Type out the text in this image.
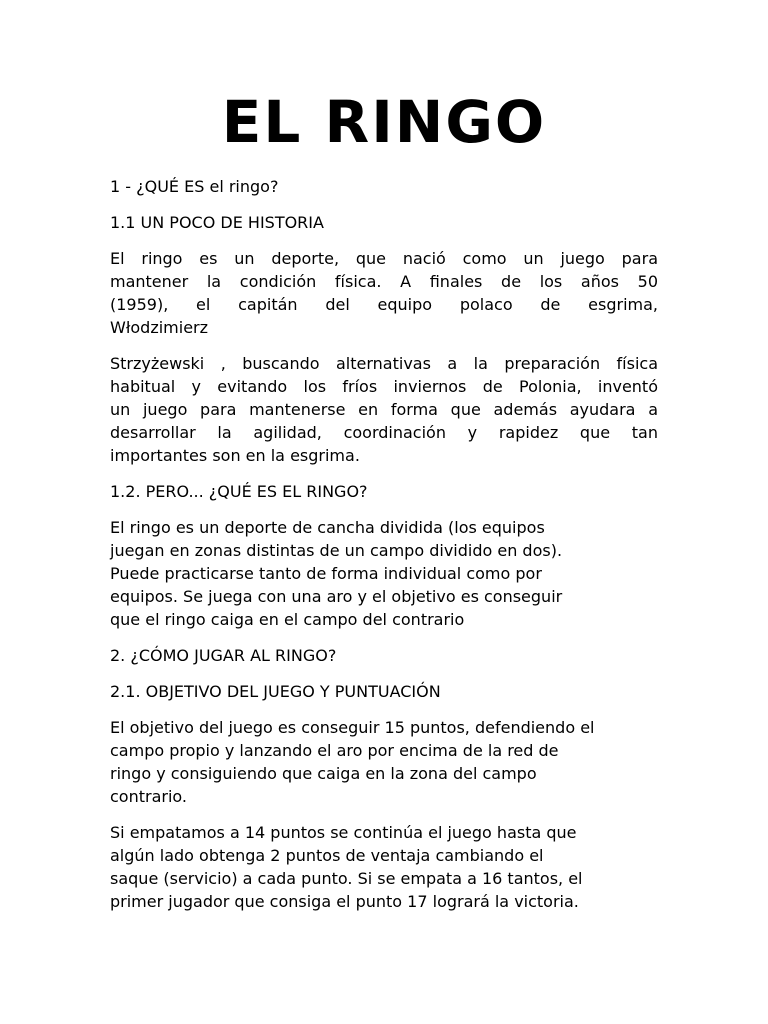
EL RINGO

1 - ¿QUÉ ES el ringo?

1.1 UN POCO DE HISTORIA

El ringo es un deporte, que nació como un juego para
mantener la condición física. A finales de los años 50
(1959), el capitán del equipo polaco de esgrima,
Włodzimierz

Strzyżewski , buscando alternativas a la preparación física
habitual y evitando los fríos inviernos de Polonia, inventó
un juego para mantenerse en forma que además ayudara a
desarrollar la agilidad, coordinación y rapidez que tan
importantes son en la esgrima.

1.2. PERO... ¿QUÉ ES EL RINGO?

El ringo es un deporte de cancha dividida (los equipos
juegan en zonas distintas de un campo dividido en dos).
Puede practicarse tanto de forma individual como por
equipos. Se juega con una aro y el objetivo es conseguir
que el ringo caiga en el campo del contrario

2. ¿CÓMO JUGAR AL RINGO?

2.1. OBJETIVO DEL JUEGO Y PUNTUACIÓN

El objetivo del juego es conseguir 15 puntos, defendiendo el
campo propio y lanzando el aro por encima de la red de
ringo y consiguiendo que caiga en la zona del campo
contrario.

Si empatamos a 14 puntos se continúa el juego hasta que
algún lado obtenga 2 puntos de ventaja cambiando el
saque (servicio) a cada punto. Si se empata a 16 tantos, el
primer jugador que consiga el punto 17 logrará la victoria.
